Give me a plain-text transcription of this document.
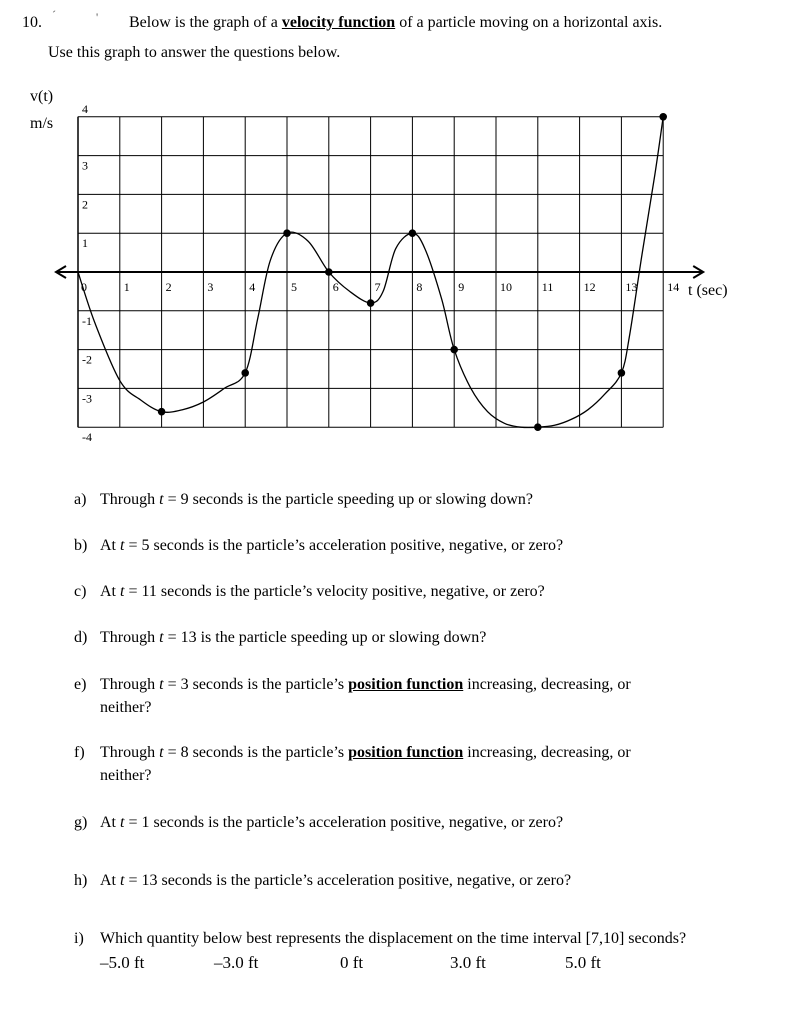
10. ´	' Below is the graph of a velocity function of a particle moving on a horizontal axis.
Use this graph to answer the questions below.
0	1	2	3	4	5	6	7	8	9	10 11	12 13 14
4
3
2
1
-1
-2
-3
-4
v(t)
m/s
t (sec)
a) Through t = 9 seconds is the particle speeding up or slowing down?
b) At t = 5 seconds is the particle’s acceleration positive, negative, or zero?
c) At t = 11 seconds is the particle’s velocity positive, negative, or zero?
d) Through t = 13 is the particle speeding up or slowing down?
e) Through t = 3 seconds is the particle’s position function increasing, decreasing, or
neither?
f) Through t = 8 seconds is the particle’s position function increasing, decreasing, or
neither?
g) At t = 1 seconds is the particle’s acceleration positive, negative, or zero?
h) At t = 13 seconds is the particle’s acceleration positive, negative, or zero?
i) Which quantity below best represents the displacement on the time interval [7,10] seconds?
–5.0 ft	–3.0 ft	0 ft	3.0 ft	5.0 ft
